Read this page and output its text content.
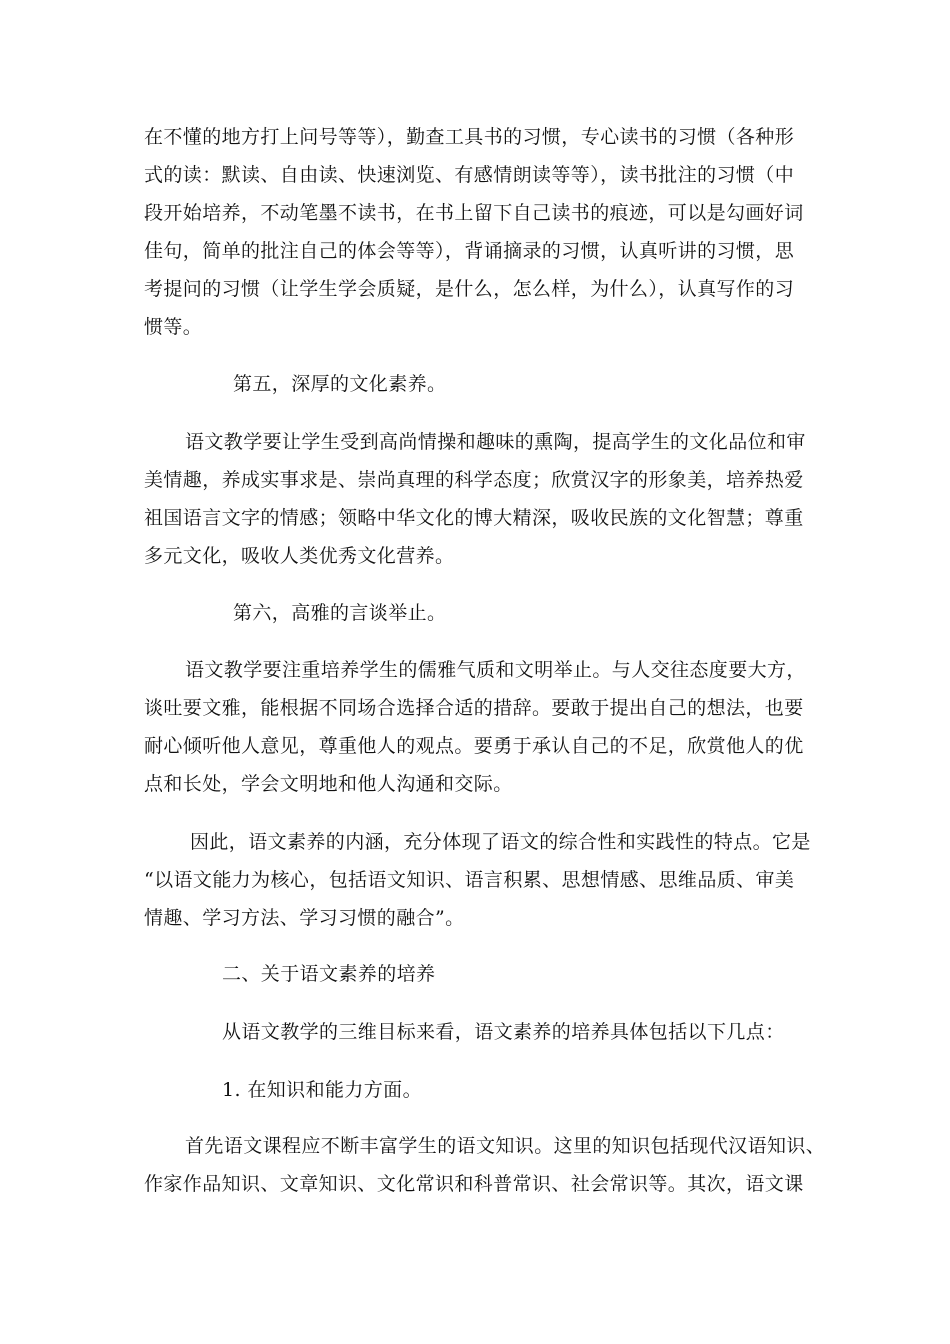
在不懂的地方打上问号等等），勤查工具书的习惯，专心读书的习惯（各种形
式的读：默读、自由读、快速浏览、有感情朗读等等），读书批注的习惯（中
段开始培养，不动笔墨不读书，在书上留下自己读书的痕迹，可以是勾画好词
佳句，简单的批注自己的体会等等），背诵摘录的习惯，认真听讲的习惯，思
考提问的习惯（让学生学会质疑，是什么，怎么样，为什么），认真写作的习
惯等。
第五，深厚的文化素养。
语文教学要让学生受到高尚情操和趣味的熏陶，提高学生的文化品位和审
美情趣，养成实事求是、崇尚真理的科学态度；欣赏汉字的形象美，培养热爱
祖国语言文字的情感；领略中华文化的博大精深，吸收民族的文化智慧；尊重
多元文化，吸收人类优秀文化营养。
第六，高雅的言谈举止。
语文教学要注重培养学生的儒雅气质和文明举止。与人交往态度要大方，
谈吐要文雅，能根据不同场合选择合适的措辞。要敢于提出自己的想法，也要
耐心倾听他人意见，尊重他人的观点。要勇于承认自己的不足，欣赏他人的优
点和长处，学会文明地和他人沟通和交际。
因此，语文素养的内涵，充分体现了语文的综合性和实践性的特点。它是
“以语文能力为核心，包括语文知识、语言积累、思想情感、思维品质、审美
情趣、学习方法、学习习惯的融合”。
二、关于语文素养的培养
从语文教学的三维目标来看，语文素养的培养具体包括以下几点：
1. 在知识和能力方面。
首先语文课程应不断丰富学生的语文知识。这里的知识包括现代汉语知识、
作家作品知识、文章知识、文化常识和科普常识、社会常识等。其次，语文课
